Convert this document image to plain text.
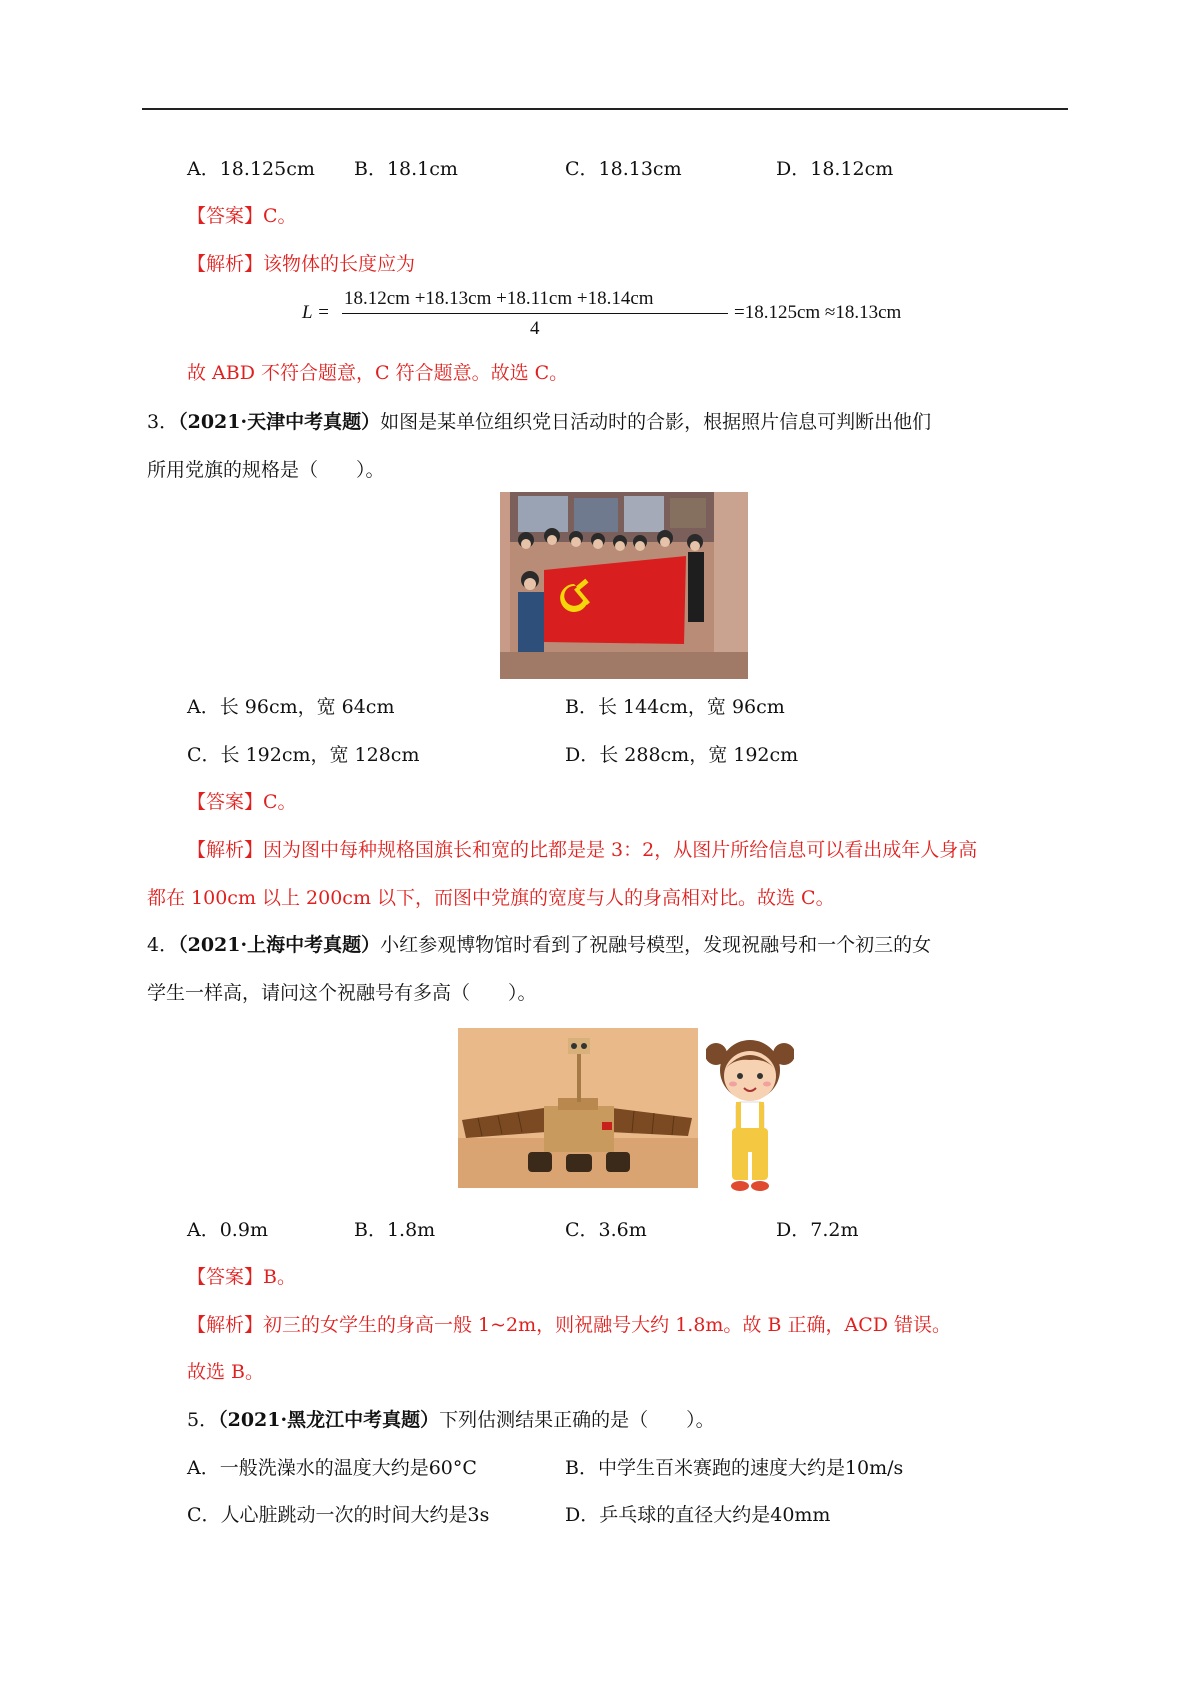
A．18.125cm B．18.1cm	C．18.13cm	D．18.12cm
【答案】C。
【解析】该物体的长度应为
L =
18.12cm +18.13cm +18.11cm +18.14cm
4
=18.125cm ≈18.13cm
故 ABD 不符合题意，C 符合题意。故选 C。
3．（2021·天津中考真题）如图是某单位组织党日活动时的合影，根据照片信息可判断出他们
所用党旗的规格是（　　）。
A．长 96cm，宽 64cm	B．长 144cm，宽 96cm
C．长 192cm，宽 128cm	D．长 288cm，宽 192cm
【答案】C。
【解析】因为图中每种规格国旗长和宽的比都是是 3：2，从图片所给信息可以看出成年人身高
都在 100cm 以上 200cm 以下，而图中党旗的宽度与人的身高相对比。故选 C。
4．（2021·上海中考真题）小红参观博物馆时看到了祝融号模型，发现祝融号和一个初三的女
学生一样高，请问这个祝融号有多高（　　）。
A．0.9m	B．1.8m	C．3.6m	D．7.2m
【答案】B。
【解析】初三的女学生的身高一般 1~2m，则祝融号大约 1.8m。故 B 正确，ACD 错误。
故选 B。
5．（2021·黑龙江中考真题）下列估测结果正确的是（　　）。
A．一般洗澡水的温度大约是60°C	B．中学生百米赛跑的速度大约是10m/s
C．人心脏跳动一次的时间大约是3s	D．乒乓球的直径大约是40mm
